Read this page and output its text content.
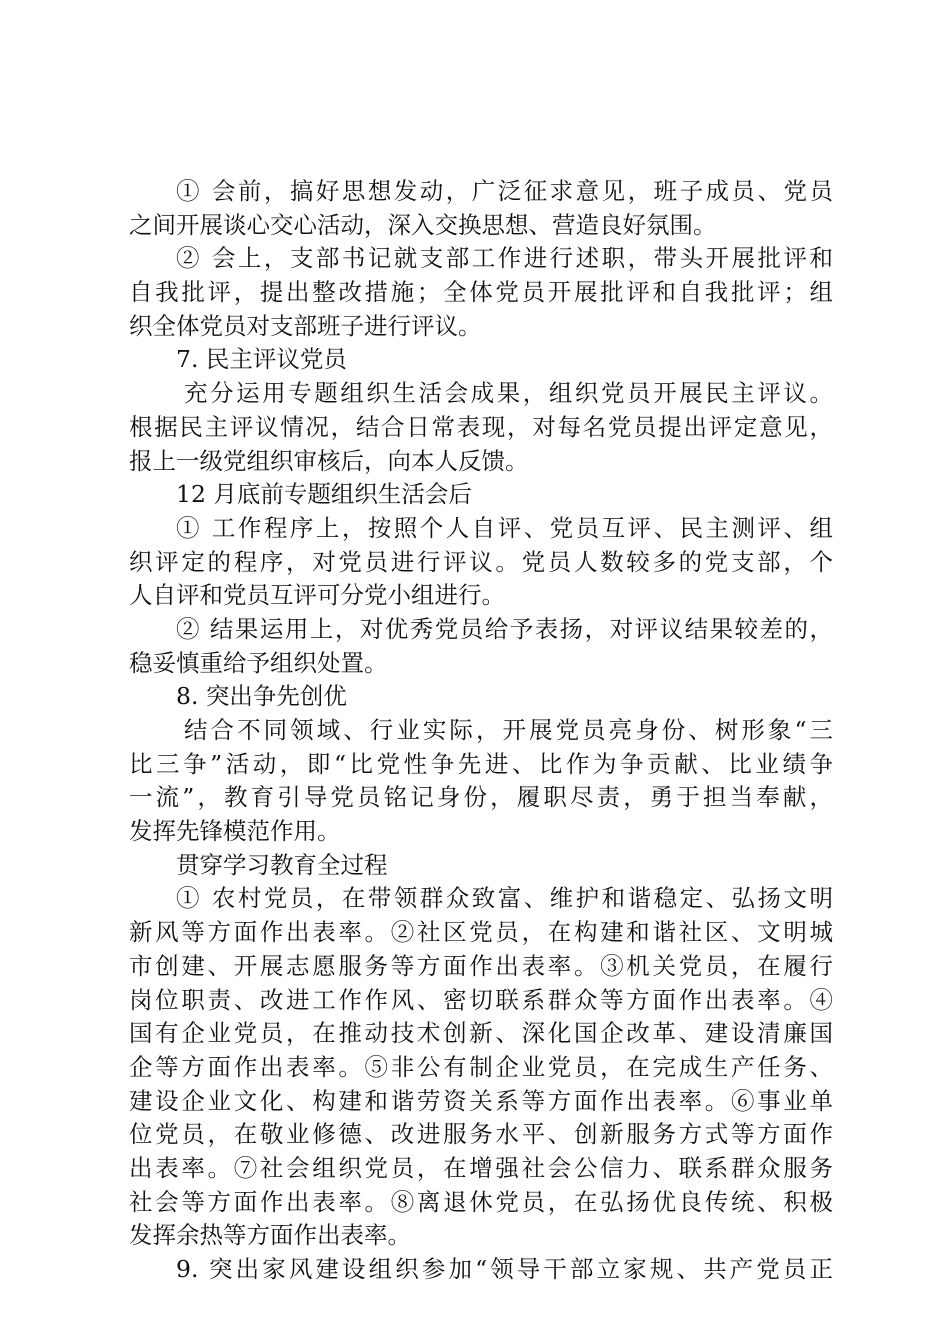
① 会前，搞好思想发动，广泛征求意见，班子成员、党员
之间开展谈心交心活动，深入交换思想、营造良好氛围。
② 会上，支部书记就支部工作进行述职，带头开展批评和
自我批评，提出整改措施；全体党员开展批评和自我批评；组
织全体党员对支部班子进行评议。
7. 民主评议党员
充分运用专题组织生活会成果，组织党员开展民主评议。
根据民主评议情况，结合日常表现，对每名党员提出评定意见，
报上一级党组织审核后，向本人反馈。
12 月底前专题组织生活会后
① 工作程序上，按照个人自评、党员互评、民主测评、组
织评定的程序，对党员进行评议。党员人数较多的党支部，个
人自评和党员互评可分党小组进行。
② 结果运用上，对优秀党员给予表扬，对评议结果较差的，
稳妥慎重给予组织处置。
8. 突出争先创优
结合不同领域、行业实际，开展党员亮身份、树形象“三
比三争”活动，即“比党性争先进、比作为争贡献、比业绩争
一流”，教育引导党员铭记身份，履职尽责，勇于担当奉献，
发挥先锋模范作用。
贯穿学习教育全过程
① 农村党员，在带领群众致富、维护和谐稳定、弘扬文明
新风等方面作出表率。②社区党员，在构建和谐社区、文明城
市创建、开展志愿服务等方面作出表率。③机关党员，在履行
岗位职责、改进工作作风、密切联系群众等方面作出表率。④
国有企业党员，在推动技术创新、深化国企改革、建设清廉国
企等方面作出表率。⑤非公有制企业党员，在完成生产任务、
建设企业文化、构建和谐劳资关系等方面作出表率。⑥事业单
位党员，在敬业修德、改进服务水平、创新服务方式等方面作
出表率。⑦社会组织党员，在增强社会公信力、联系群众服务
社会等方面作出表率。⑧离退休党员，在弘扬优良传统、积极
发挥余热等方面作出表率。
9. 突出家风建设组织参加“领导干部立家规、共产党员正
